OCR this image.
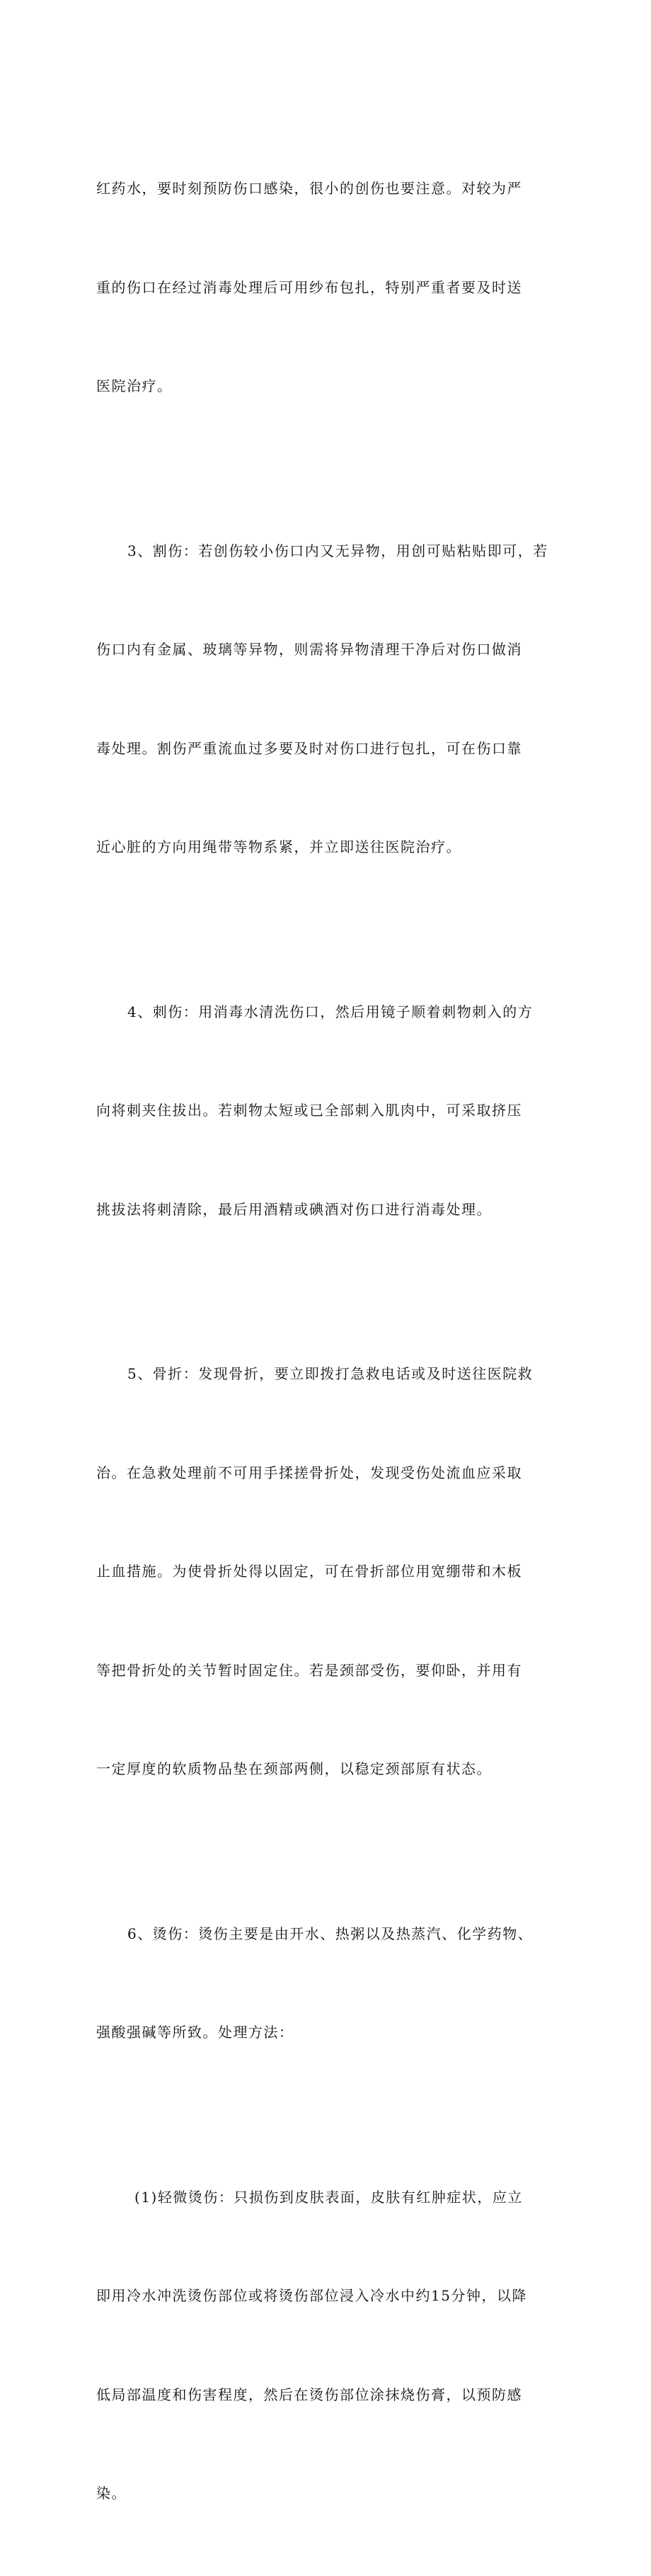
红药水，要时刻预防伤口感染，很小的创伤也要注意。对较为严

重的伤口在经过消毒处理后可用纱布包扎，特别严重者要及时送

医院治疗。

3、割伤：若创伤较小伤口内又无异物，用创可贴粘贴即可，若

伤口内有金属、玻璃等异物，则需将异物清理干净后对伤口做消

毒处理。割伤严重流血过多要及时对伤口进行包扎，可在伤口靠

近心脏的方向用绳带等物系紧，并立即送往医院治疗。

4、刺伤：用消毒水清洗伤口，然后用镜子顺着刺物刺入的方

向将刺夹住拔出。若刺物太短或已全部刺入肌肉中，可采取挤压

挑拔法将刺清除，最后用酒精或碘酒对伤口进行消毒处理。

5、骨折：发现骨折，要立即拨打急救电话或及时送往医院救

治。在急救处理前不可用手揉搓骨折处，发现受伤处流血应采取

止血措施。为使骨折处得以固定，可在骨折部位用宽绷带和木板

等把骨折处的关节暂时固定住。若是颈部受伤，要仰卧，并用有

一定厚度的软质物品垫在颈部两侧，以稳定颈部原有状态。

6、烫伤：烫伤主要是由开水、热粥以及热蒸汽、化学药物、

强酸强碱等所致。处理方法：

(1)轻微烫伤：只损伤到皮肤表面，皮肤有红肿症状，应立

即用冷水冲洗烫伤部位或将烫伤部位浸入冷水中约15分钟，以降

低局部温度和伤害程度，然后在烫伤部位涂抹烧伤膏，以预防感

染。
